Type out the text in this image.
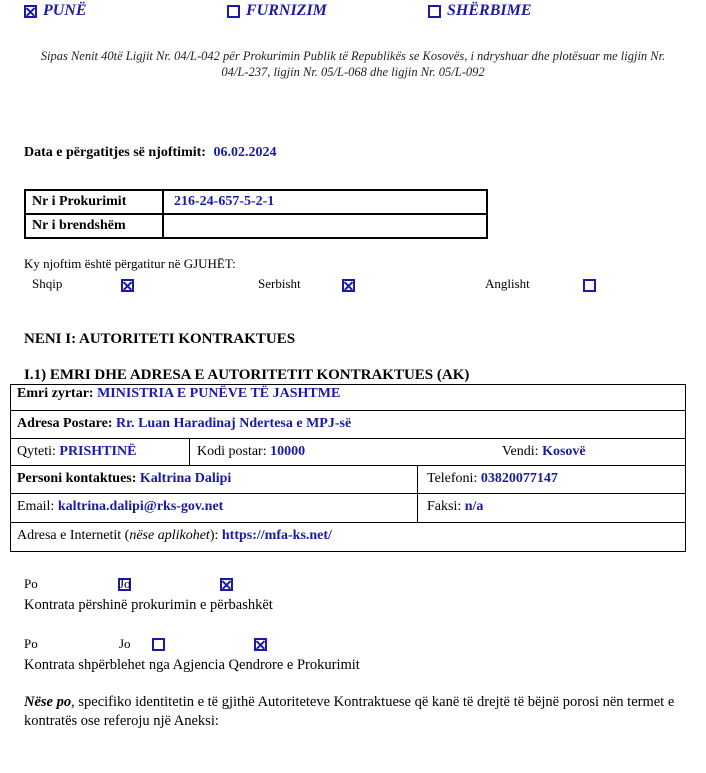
PUNË	FURNIZIM	SHËRBIME
Sipas Nenit 40të Ligjit Nr. 04/L-042 për Prokurimin Publik të Republikës se Kosovës, i ndryshuar dhe plotësuar me ligjin Nr. 04/L-237, ligjin Nr. 05/L-068 dhe ligjin Nr. 05/L-092
Data e përgatitjes së njoftimit: 06.02.2024
Nr i Prokurimit	216-24-657-5-2-1
Nr i brendshëm	
Ky njoftim është përgatitur në GJUHËT:
Shqip
	Serbisht
	Anglisht

NENI I: AUTORITETI KONTRAKTUES
I.1) EMRI DHE ADRESA E AUTORITETIT KONTRAKTUES (AK)
Emri zyrtar: MINISTRIA E PUNËVE TË JASHTME
Adresa Postare: Rr. Luan Haradinaj Ndertesa e MPJ-së
Qyteti: PRISHTINË	Kodi postar: 10000	Vendi: Kosovë
Personi kontaktues: Kaltrina Dalipi	Telefoni: 03820077147
Email: kaltrina.dalipi@rks-gov.net	Faksi: n/a
Adresa e Internetit (nëse aplikohet): https://mfa-ks.net/
Po
	Jo

Kontrata përshinë prokurimin e përbashkët
Po
	Jo
Kontrata shpërblehet nga Agjencia Qendrore e Prokurimit
Nëse po, specifiko identitetin e të gjithë Autoriteteve Kontraktuese që kanë të drejtë të bëjnë porosi nën termet e kontratës ose referoju një Aneksi:
